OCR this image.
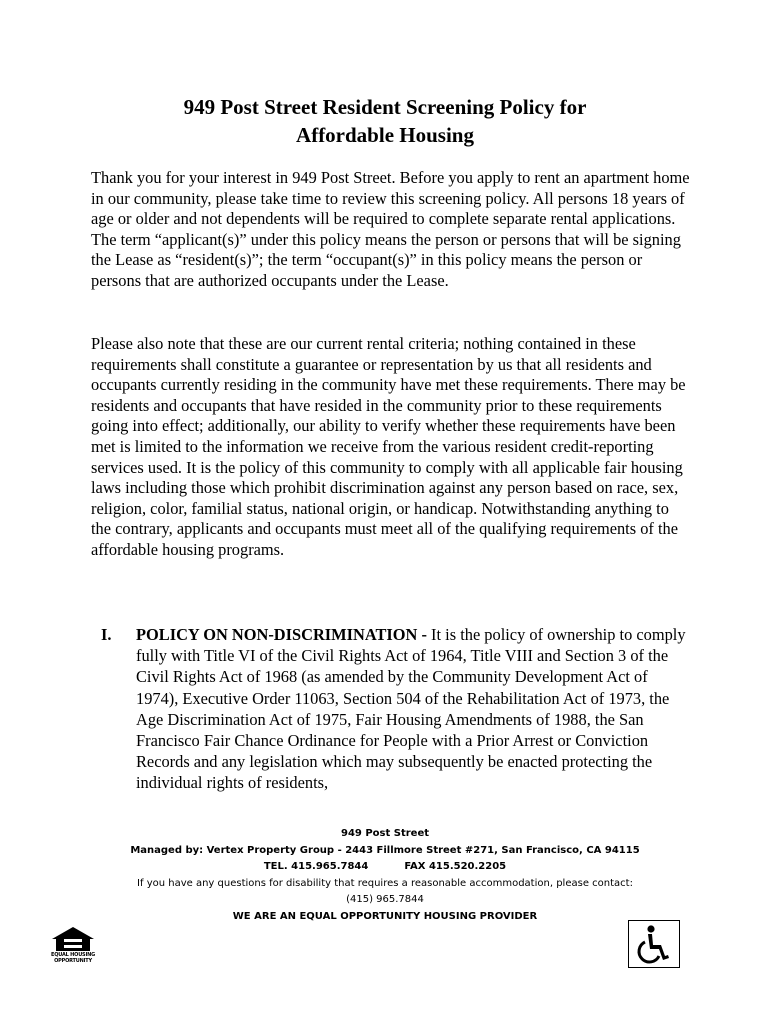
949 Post Street Resident Screening Policy for
Affordable Housing

Thank you for your interest in 949 Post Street. Before you apply to rent an apartment home in our community, please take time to review this screening policy. All persons 18 years of age or older and not dependents will be required to complete separate rental applications. The term “applicant(s)” under this policy means the person or persons that will be signing the Lease as “resident(s)”; the term “occupant(s)” in this policy means the person or persons that are authorized occupants under the Lease.

Please also note that these are our current rental criteria; nothing contained in these requirements shall constitute a guarantee or representation by us that all residents and occupants currently residing in the community have met these requirements. There may be residents and occupants that have resided in the community prior to these requirements going into effect; additionally, our ability to verify whether these requirements have been met is limited to the information we receive from the various resident credit-reporting services used. It is the policy of this community to comply with all applicable fair housing laws including those which prohibit discrimination against any person based on race, sex, religion, color, familial status, national origin, or handicap. Notwithstanding anything to the contrary, applicants and occupants must meet all of the qualifying requirements of the affordable housing programs.

I. POLICY ON NON-DISCRIMINATION - It is the policy of ownership to comply fully with Title VI of the Civil Rights Act of 1964, Title VIII and Section 3 of the Civil Rights Act of 1968 (as amended by the Community Development Act of 1974), Executive Order 11063, Section 504 of the Rehabilitation Act of 1973, the Age Discrimination Act of 1975, Fair Housing Amendments of 1988, the San Francisco Fair Chance Ordinance for People with a Prior Arrest or Conviction Records and any legislation which may subsequently be enacted protecting the individual rights of residents,
949 Post Street
Managed by: Vertex Property Group - 2443 Fillmore Street #271, San Francisco, CA 94115
TEL. 415.965.7844	FAX 415.520.2205
If you have any questions for disability that requires a reasonable accommodation, please contact:
(415) 965.7844
WE ARE AN EQUAL OPPORTUNITY HOUSING PROVIDER
EQUAL HOUSING
OPPORTUNITY
